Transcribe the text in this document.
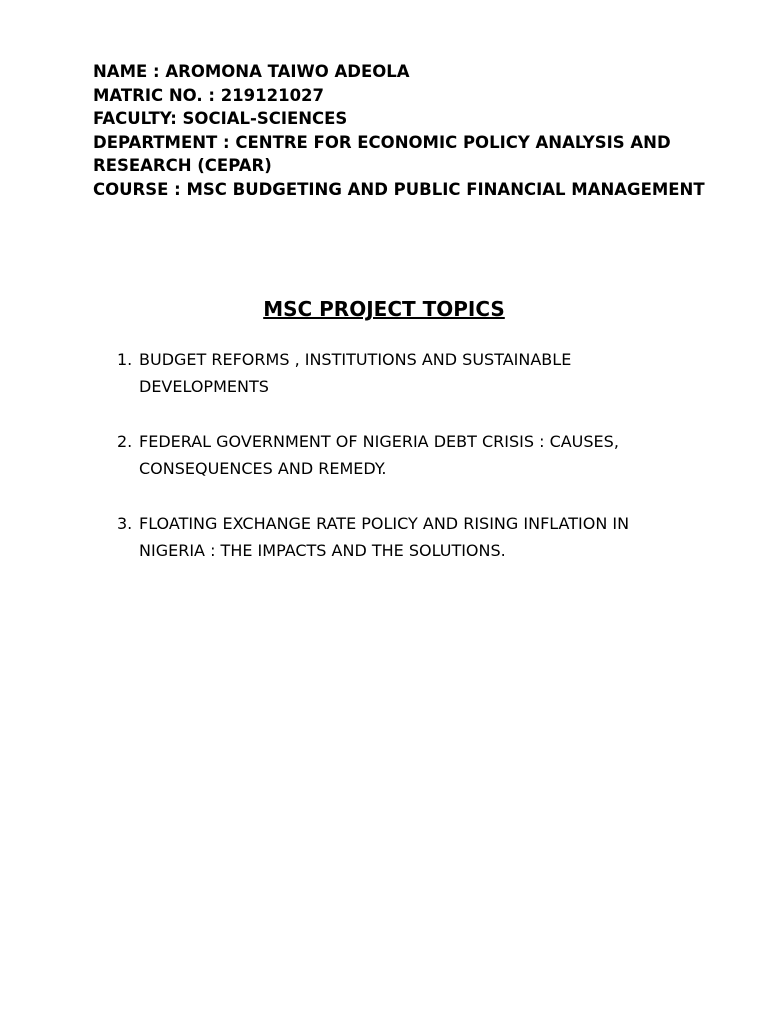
NAME : AROMONA TAIWO ADEOLA

MATRIC NO. : 219121027

FACULTY: SOCIAL-SCIENCES

DEPARTMENT : CENTRE FOR ECONOMIC POLICY ANALYSIS AND RESEARCH (CEPAR)

COURSE : MSC BUDGETING AND PUBLIC FINANCIAL MANAGEMENT

MSC PROJECT TOPICS
1. BUDGET REFORMS , INSTITUTIONS AND SUSTAINABLE DEVELOPMENTS
2. FEDERAL GOVERNMENT OF NIGERIA DEBT CRISIS : CAUSES, CONSEQUENCES AND REMEDY.
3. FLOATING EXCHANGE RATE POLICY AND RISING INFLATION IN NIGERIA : THE IMPACTS AND THE SOLUTIONS.
